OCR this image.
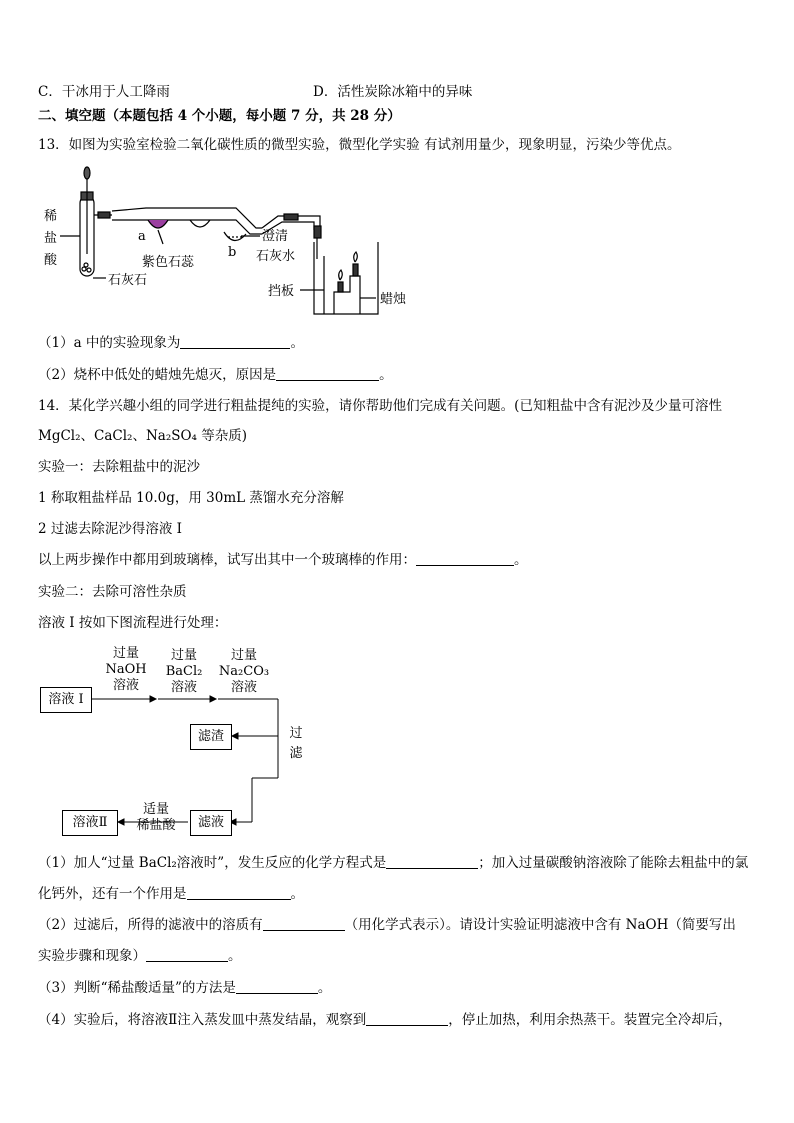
C．干冰用于人工降雨	D．活性炭除冰箱中的异味
二、填空题（本题包括 4 个小题，每小题 7 分，共 28 分）
13．如图为实验室检验二氧化碳性质的微型实验，微型化学实验 有试剂用量少，现象明显，污染少等优点。
稀
盐
酸
a
b
紫色石蕊
石灰石
澄清
石灰水
挡板
蜡烛
（1）a 中的实验现象为	。
（2）烧杯中低处的蜡烛先熄灭，原因是	。
14．某化学兴趣小组的同学进行粗盐提纯的实验，请你帮助他们完成有关问题。(已知粗盐中含有泥沙及少量可溶性
MgCl₂、CaCl₂、Na₂SO₄ 等杂质)
实验一：去除粗盐中的泥沙
1 称取粗盐样品 10.0g，用 30mL 蒸馏水充分溶解
2 过滤去除泥沙得溶液 I
以上两步操作中都用到玻璃棒，试写出其中一个玻璃棒的作用：	。
实验二：去除可溶性杂质
溶液 I 按如下图流程进行处理：
溶液 I
过量
NaOH
溶液
过量
BaCl₂
溶液
过量
Na₂CO₃
溶液
过
滤
滤渣
滤液
适量
稀盐酸
溶液Ⅱ
（1）加人“过量 BaCl₂溶液时”，发生反应的化学方程式是	；加入过量碳酸钠溶液除了能除去粗盐中的氯
化钙外，还有一个作用是	。
（2）过滤后，所得的滤液中的溶质有	（用化学式表示）。请设计实验证明滤液中含有 NaOH（简要写出
实验步骤和现象）	。
（3）判断“稀盐酸适量”的方法是	。
（4）实验后，将溶液Ⅱ注入蒸发皿中蒸发结晶，观察到	，停止加热，利用余热蒸干。装置完全冷却后，
